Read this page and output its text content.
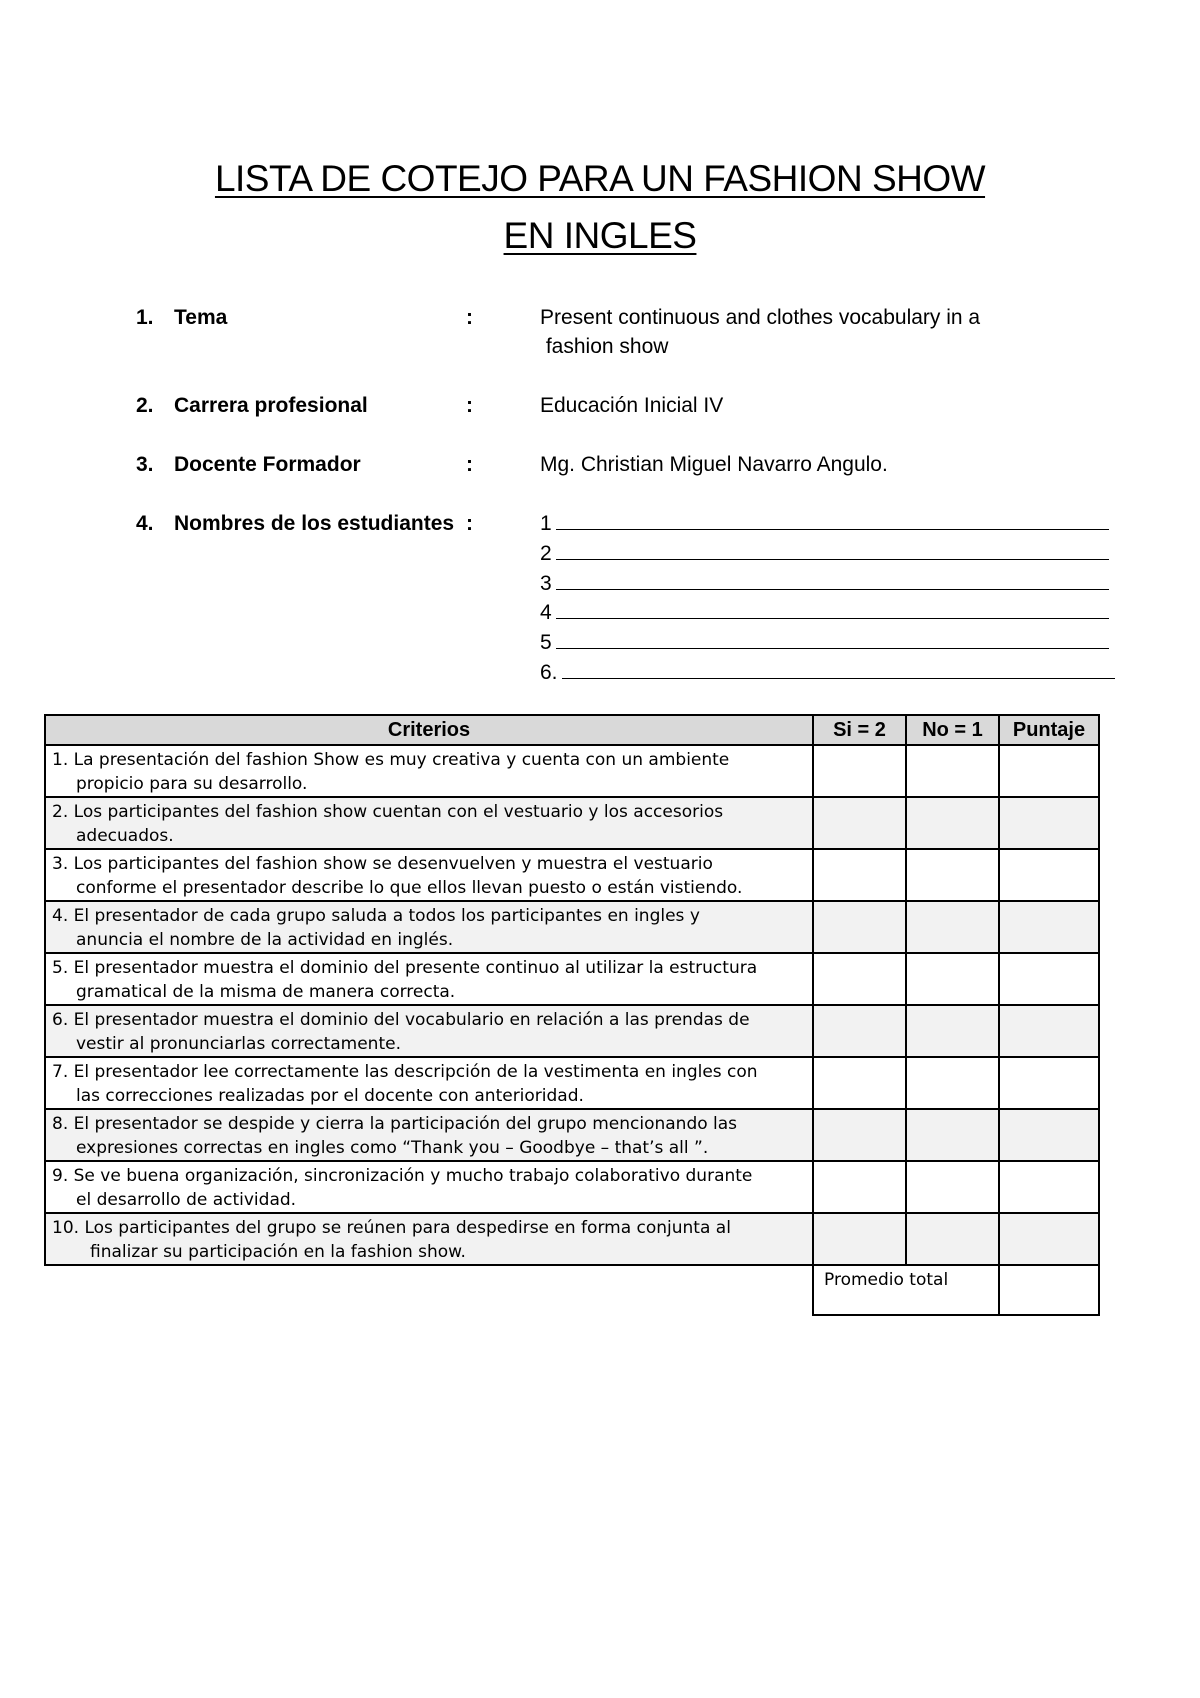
LISTA DE COTEJO PARA UN FASHION SHOW
EN INGLES
1. Tema	:	Present continuous and clothes vocabulary in a
fashion show
2. Carrera profesional	:	Educación Inicial IV
3. Docente Formador	:	Mg. Christian Miguel Navarro Angulo.
4. Nombres de los estudiantes :	1
2
3
4
5
6.
Criterios	Si = 2	No = 1	Puntaje
1. La presentación del fashion Show es muy creativa y cuenta con un ambiente
propicio para su desarrollo.			

2. Los participantes del fashion show cuentan con el vestuario y los accesorios
adecuados.			

3. Los participantes del fashion show se desenvuelven y muestra el vestuario
conforme el presentador describe lo que ellos llevan puesto o están vistiendo.			

4. El presentador de cada grupo saluda a todos los participantes en ingles y
anuncia el nombre de la actividad en inglés.			

5. El presentador muestra el dominio del presente continuo al utilizar la estructura
gramatical de la misma de manera correcta.			

6. El presentador muestra el dominio del vocabulario en relación a las prendas de
vestir al pronunciarlas correctamente.			

7. El presentador lee correctamente las descripción de la vestimenta en ingles con
las correcciones realizadas por el docente con anterioridad.			

8. El presentador se despide y cierra la participación del grupo mencionando las
expresiones correctas en ingles como “Thank you – Goodbye – that’s all ”.			

9. Se ve buena organización, sincronización y mucho trabajo colaborativo durante
el desarrollo de actividad.			

10. Los participantes del grupo se reúnen para despedirse en forma conjunta al
finalizar su participación en la fashion show.			

	Promedio total		
